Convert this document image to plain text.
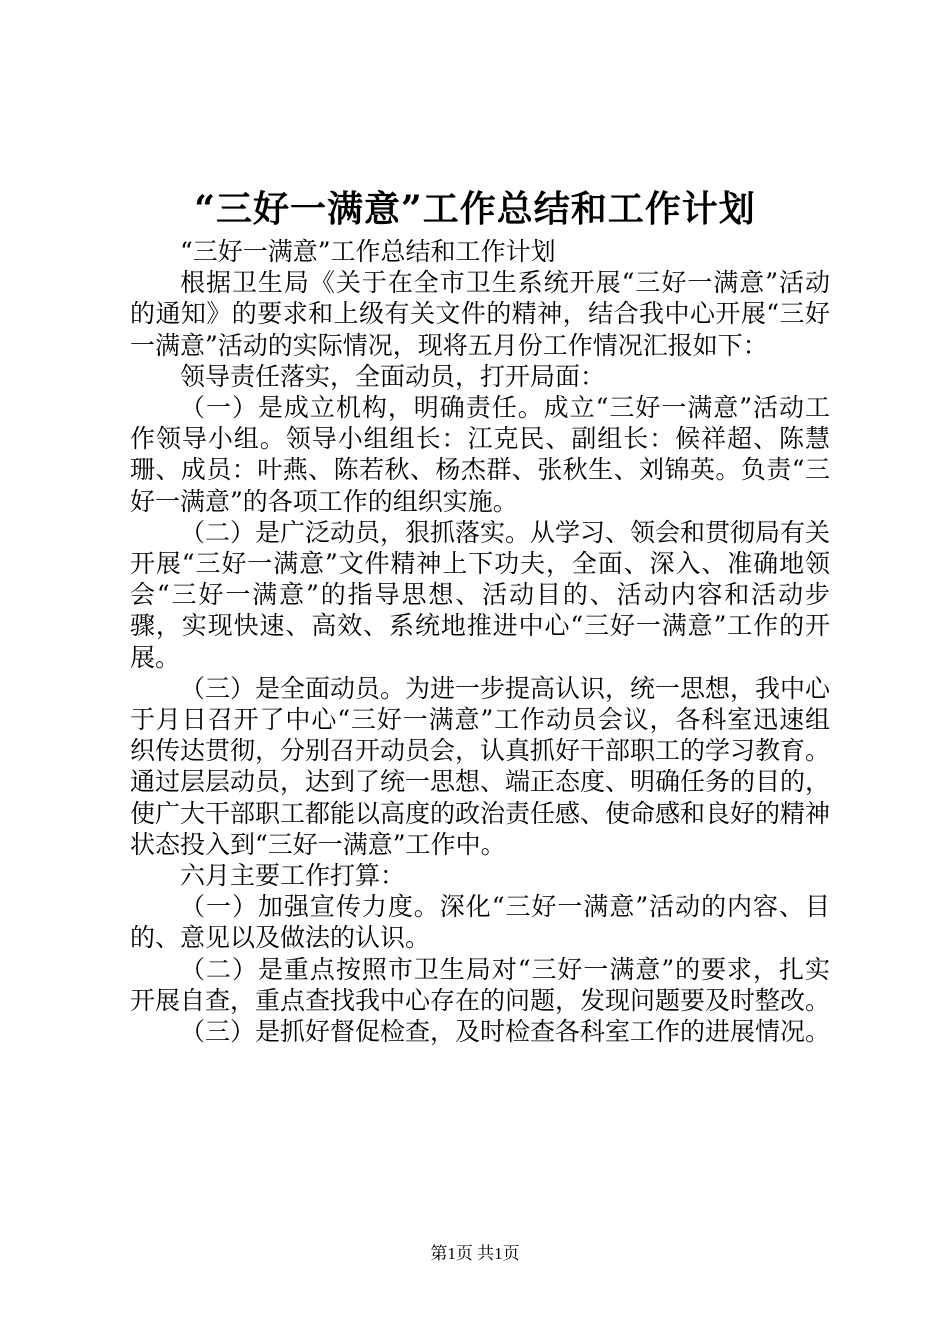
“三好一满意”工作总结和工作计划

“三好一满意”工作总结和工作计划

根据卫生局《关于在全市卫生系统开展“三好一满意”活动的通知》的要求和上级有关文件的精神，结合我中心开展“三好一满意”活动的实际情况，现将五月份工作情况汇报如下：

领导责任落实，全面动员，打开局面：

（一）是成立机构，明确责任。成立“三好一满意”活动工作领导小组。领导小组组长：江克民、副组长：候祥超、陈慧珊、成员：叶燕、陈若秋、杨杰群、张秋生、刘锦英。负责“三好一满意”的各项工作的组织实施。

（二）是广泛动员，狠抓落实。从学习、领会和贯彻局有关开展“三好一满意”文件精神上下功夫，全面、深入、准确地领会“三好一满意”的指导思想、活动目的、活动内容和活动步骤，实现快速、高效、系统地推进中心“三好一满意”工作的开展。

（三）是全面动员。为进一步提高认识，统一思想，我中心于月日召开了中心“三好一满意”工作动员会议，各科室迅速组织传达贯彻，分别召开动员会，认真抓好干部职工的学习教育。通过层层动员，达到了统一思想、端正态度、明确任务的目的，使广大干部职工都能以高度的政治责任感、使命感和良好的精神状态投入到“三好一满意”工作中。

六月主要工作打算：

（一）加强宣传力度。深化“三好一满意”活动的内容、目的、意见以及做法的认识。

（二）是重点按照市卫生局对“三好一满意”的要求，扎实开展自查，重点查找我中心存在的问题，发现问题要及时整改。

（三）是抓好督促检查，及时检查各科室工作的进展情况。

第1页 共1页
